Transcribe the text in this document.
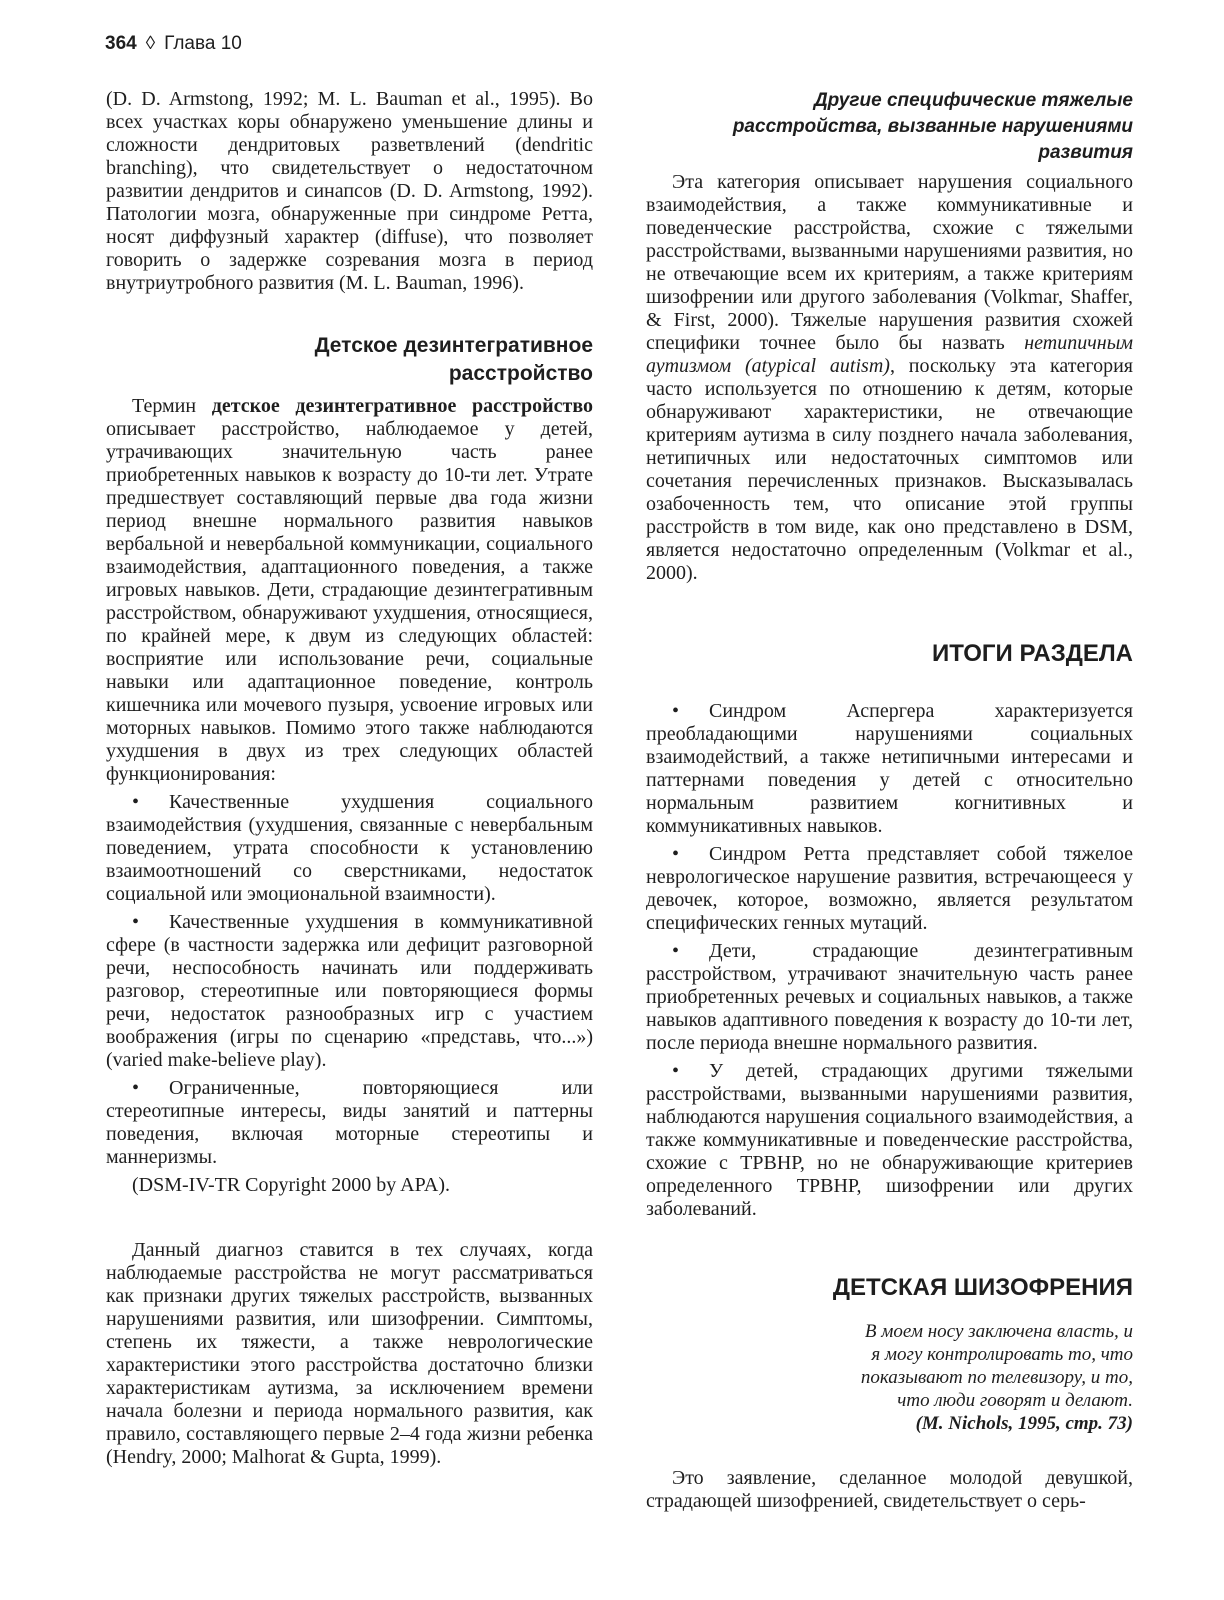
364 ◊ Глава 10

(D. D. Armstong, 1992; M. L. Bauman et al., 1995). Во всех участках коры обнаружено уменьшение длины и сложности дендритовых разветвлений (dendritic branching), что свидетельствует о недостаточном развитии дендритов и синапсов (D. D. Armstong, 1992). Патологии мозга, обнаруженные при синдроме Ретта, носят диффузный характер (diffuse), что позволяет говорить о задержке созревания мозга в период внутриутробного развития (M. L. Bauman, 1996).

Детское дезинтегративное
расстройство

Термин детское дезинтегративное расстройство описывает расстройство, наблюдаемое у детей, утрачивающих значительную часть ранее приобретенных навыков к возрасту до 10-ти лет. Утрате предшествует составляющий первые два года жизни период внешне нормального развития навыков вербальной и невербальной коммуникации, социального взаимодействия, адаптационного поведения, а также игровых навыков. Дети, страдающие дезинтегративным расстройством, обнаруживают ухудшения, относящиеся, по крайней мере, к двум из следующих областей: восприятие или использование речи, социальные навыки или адаптационное поведение, контроль кишечника или мочевого пузыря, усвоение игровых или моторных навыков. Помимо этого также наблюдаются ухудшения в двух из трех следующих областей функционирования:

• Качественные ухудшения социального взаимодействия (ухудшения, связанные с невербальным поведением, утрата способности к установлению взаимоотношений со сверстниками, недостаток социальной или эмоциональной взаимности).

• Качественные ухудшения в коммуникативной сфере (в частности задержка или дефицит разговорной речи, неспособность начинать или поддерживать разговор, стереотипные или повторяющиеся формы речи, недостаток разнообразных игр с участием воображения (игры по сценарию «представь, что...») (varied make-believe play).

• Ограниченные, повторяющиеся или стереотипные интересы, виды занятий и паттерны поведения, включая моторные стереотипы и маннеризмы.

(DSM-IV-TR Copyright 2000 by APA).

Данный диагноз ставится в тех случаях, когда наблюдаемые расстройства не могут рассматриваться как признаки других тяжелых расстройств, вызванных нарушениями развития, или шизофрении. Симптомы, степень их тяжести, а также неврологические характеристики этого расстройства достаточно близки характеристикам аутизма, за исключением времени начала болезни и периода нормального развития, как правило, составляющего первые 2–4 года жизни ребенка (Hendry, 2000; Malhorat & Gupta, 1999).

Другие специфические тяжелые
расстройства, вызванные нарушениями
развития

Эта категория описывает нарушения социального взаимодействия, а также коммуникативные и поведенческие расстройства, схожие с тяжелыми расстройствами, вызванными нарушениями развития, но не отвечающие всем их критериям, а также критериям шизофрении или другого заболевания (Volkmar, Shaffer, & First, 2000). Тяжелые нарушения развития схожей специфики точнее было бы назвать нетипичным аутизмом (atypical autism), поскольку эта категория часто используется по отношению к детям, которые обнаруживают характеристики, не отвечающие критериям аутизма в силу позднего начала заболевания, нетипичных или недостаточных симптомов или сочетания перечисленных признаков. Высказывалась озабоченность тем, что описание этой группы расстройств в том виде, как оно представлено в DSM, является недостаточно определенным (Volkmar et al., 2000).

ИТОГИ РАЗДЕЛА

• Синдром Аспергера характеризуется преобладающими нарушениями социальных взаимодействий, а также нетипичными интересами и паттернами поведения у детей с относительно нормальным развитием когнитивных и коммуникативных навыков.

• Синдром Ретта представляет собой тяжелое неврологическое нарушение развития, встречающееся у девочек, которое, возможно, является результатом специфических генных мутаций.

• Дети, страдающие дезинтегративным расстройством, утрачивают значительную часть ранее приобретенных речевых и социальных навыков, а также навыков адаптивного поведения к возрасту до 10-ти лет, после периода внешне нормального развития.

• У детей, страдающих другими тяжелыми расстройствами, вызванными нарушениями развития, наблюдаются нарушения социального взаимодействия, а также коммуникативные и поведенческие расстройства, схожие с ТРВНР, но не обнаруживающие критериев определенного ТРВНР, шизофрении или других заболеваний.

ДЕТСКАЯ ШИЗОФРЕНИЯ

В моем носу заключена власть, и
я могу контролировать то, что
показывают по телевизору, и то,
что люди говорят и делают.
(M. Nichols, 1995, стр. 73)

Это заявление, сделанное молодой девушкой, страдающей шизофренией, свидетельствует о серь-
